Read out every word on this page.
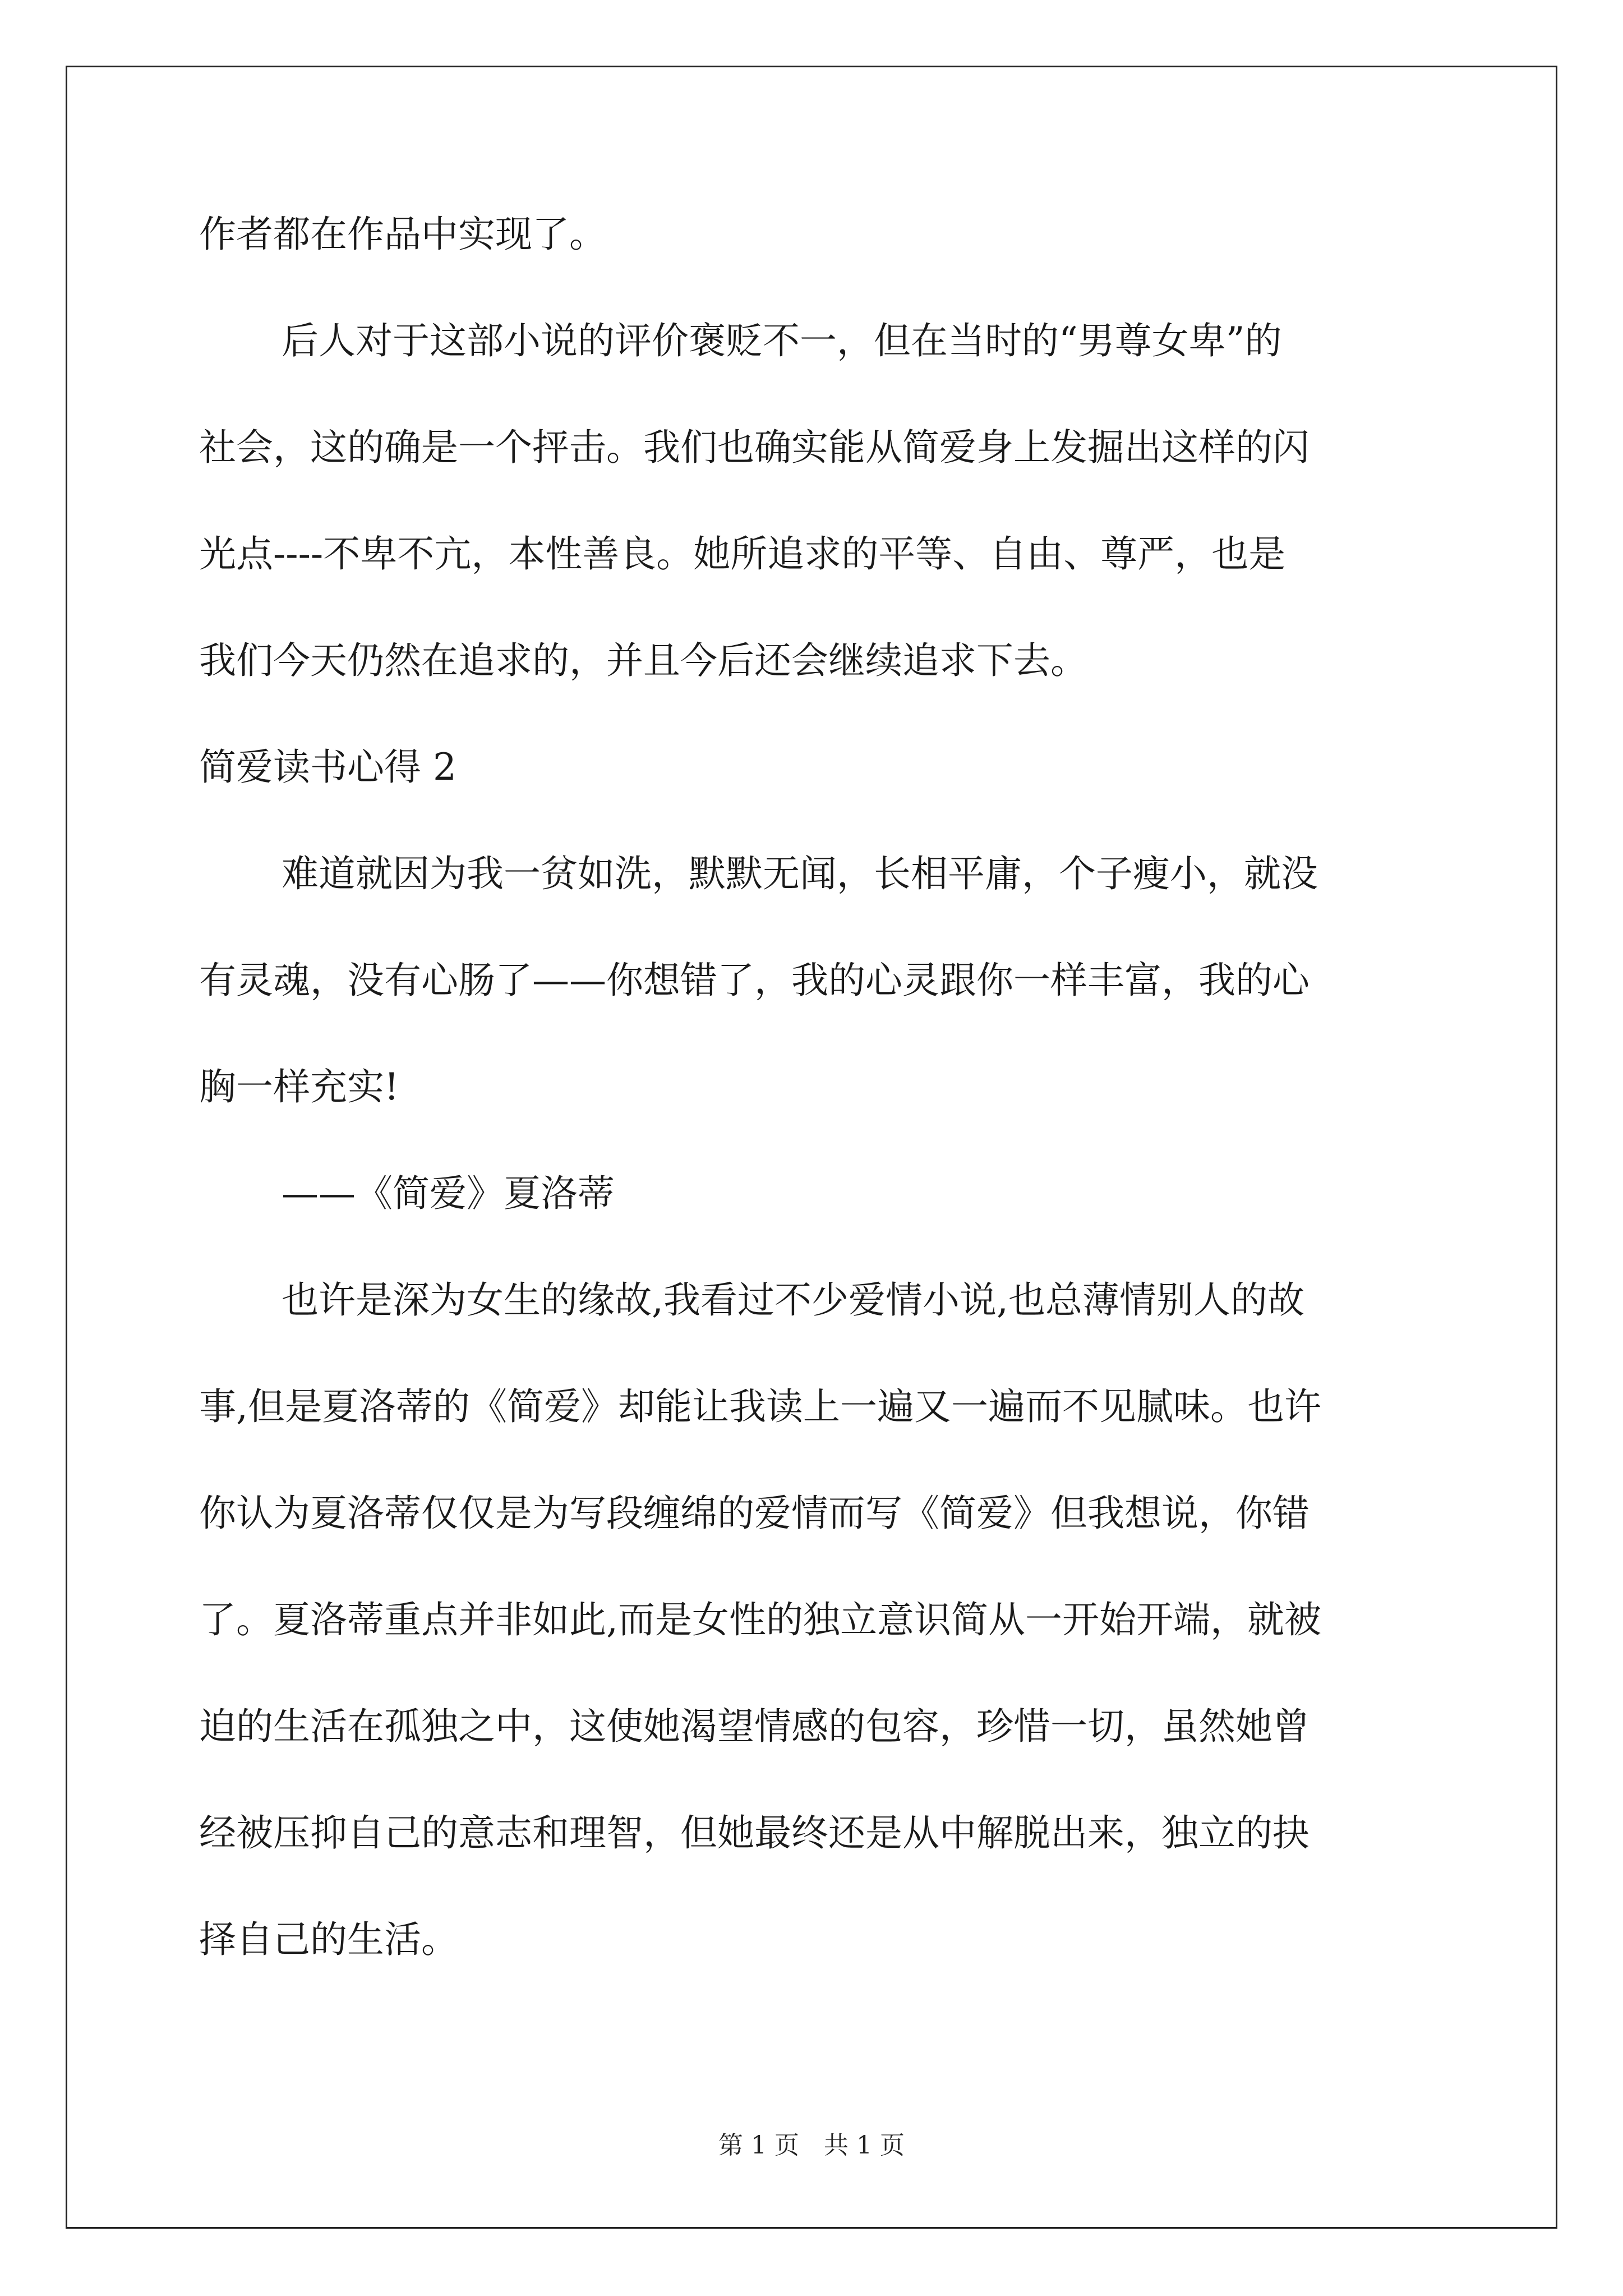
作者都在作品中实现了。
后人对于这部小说的评价褒贬不一，但在当时的“男尊女卑”的
社会，这的确是一个抨击。我们也确实能从简爱身上发掘出这样的闪
光点----不卑不亢，本性善良。她所追求的平等、自由、尊严，也是
我们今天仍然在追求的，并且今后还会继续追求下去。
简爱读书心得 2
难道就因为我一贫如洗，默默无闻，长相平庸，个子瘦小，就没
有灵魂，没有心肠了——你想错了，我的心灵跟你一样丰富，我的心
胸一样充实!
——《简爱》夏洛蒂
也许是深为女生的缘故,我看过不少爱情小说,也总薄情别人的故
事,但是夏洛蒂的《简爱》却能让我读上一遍又一遍而不见腻味。也许
你认为夏洛蒂仅仅是为写段缠绵的爱情而写《简爱》但我想说，你错
了。夏洛蒂重点并非如此,而是女性的独立意识简从一开始开端，就被
迫的生活在孤独之中，这使她渴望情感的包容，珍惜一切，虽然她曾
经被压抑自己的意志和理智，但她最终还是从中解脱出来，独立的抉
择自己的生活。
第 1 页　共 1 页
